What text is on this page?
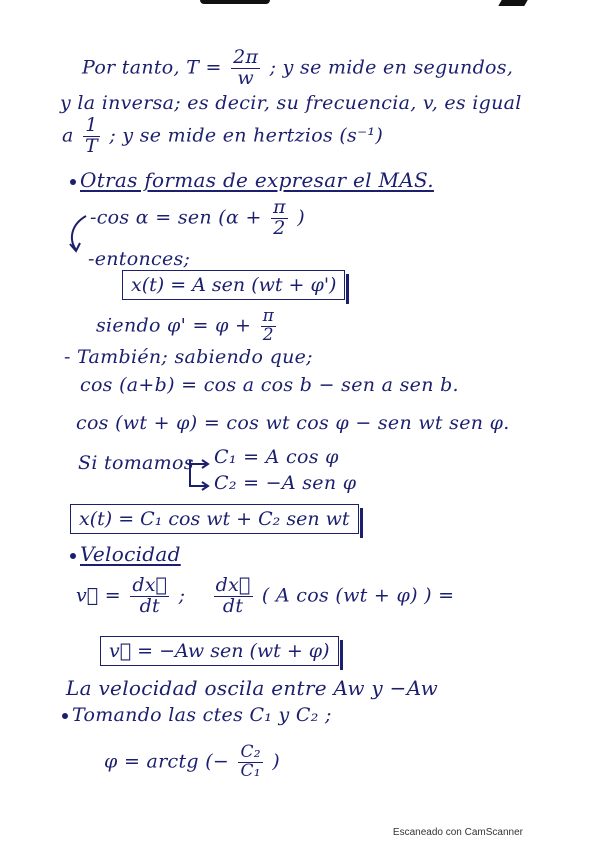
Por tanto, $T = \frac{2\pi}{w}$ ; y se mide en segundos,
y la inversa; es decir, su frecuencia, v, es igual
a $\frac{1}{T}$ ; y se mide en hertzios (s⁻¹)
Otras formas de expresar el MAS.
-cos α = sen ($\alpha + \frac{\pi}{2}$ )
-entonces;
x(t) = A sen (wt + φ')
siendo $\varphi' = \varphi + \frac{\pi}{2}$
- También; sabiendo que;
cos (a+b) = cos a cos b − sen a sen b.
cos (wt + φ) = cos wt cos φ − sen wt sen φ.
Si tomamos C₁ = A cos φ
C₂ = −A sen φ
x(t) = C₁ cos wt + C₂ sen wt
Velocidad
v⃗ = $\frac{dx⃗}{dt}$ ; $\frac{dx⃗}{dt}$ ( A cos (wt + φ) ) =
v⃗ = −Aw sen (wt + φ)
La velocidad oscila entre Aw y −Aw
Tomando las ctes C₁ y C₂ ;
φ = arctg (− $\frac{\text{C₂}}{\text{C₁}}$ )
Escaneado con CamScanner
